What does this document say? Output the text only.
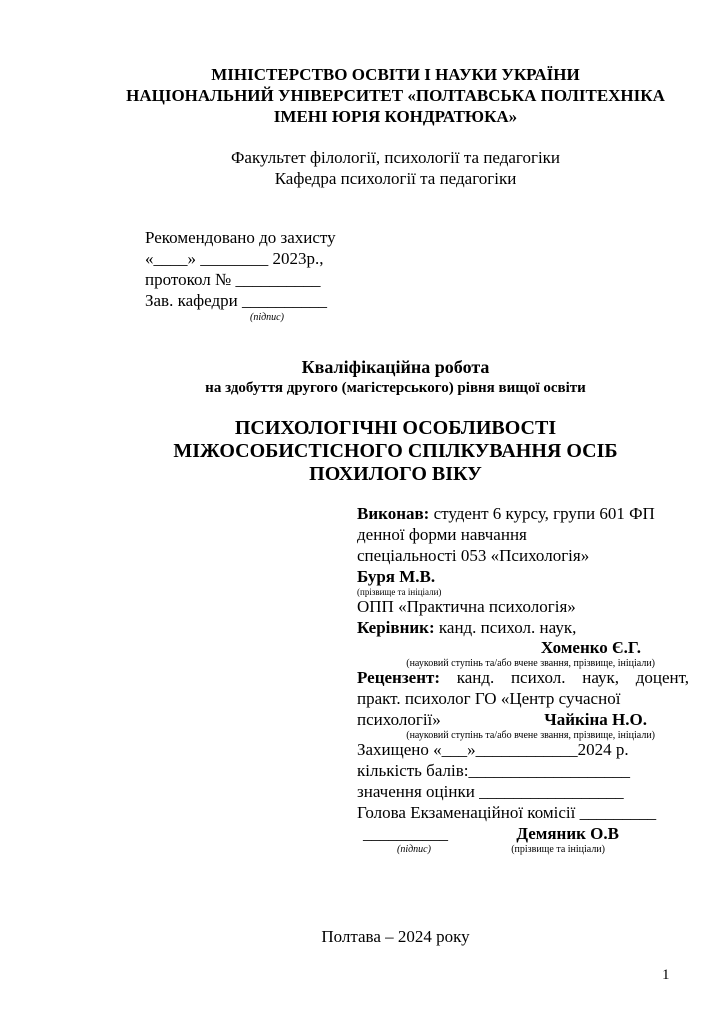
МІНІСТЕРСТВО ОСВІТИ І НАУКИ УКРАЇНИ
НАЦІОНАЛЬНИЙ УНІВЕРСИТЕТ «ПОЛТАВСЬКА ПОЛІТЕХНІКА
ІМЕНІ ЮРІЯ КОНДРАТЮКА»
Факультет філології, психології та педагогіки
Кафедра психології та педагогіки
Рекомендовано до захисту
«____» ________ 2023р.,
протокол № __________
Зав. кафедри __________
(підпис)
Кваліфікаційна робота
на здобуття другого (магістерського) рівня вищої освіти
ПСИХОЛОГІЧНІ ОСОБЛИВОСТІ
МІЖОСОБИСТІСНОГО СПІЛКУВАННЯ ОСІБ
ПОХИЛОГО ВІКУ
Виконав: студент 6 курсу, групи 601 ФП
денної форми навчання
спеціальності 053 «Психологія»
Буря М.В.
(прізвище та ініціали)
ОПП «Практична психологія»
Керівник: канд. психол. наук,
Хоменко Є.Г.
(науковий ступінь та/або вчене звання, прізвище, ініціали)
Рецензент: канд. психол. наук, доцент,
практ. психолог ГО «Центр сучасної
психології»	Чайкіна Н.О.
(науковий ступінь та/або вчене звання, прізвище, ініціали)
Захищено «___»____________2024 р.
кількість балів:___________________
значення оцінки _________________
Голова Екзаменаційної комісії _________
__________	Демяник О.В
(підпис)	(прізвище та ініціали)
Полтава – 2024 року
1
